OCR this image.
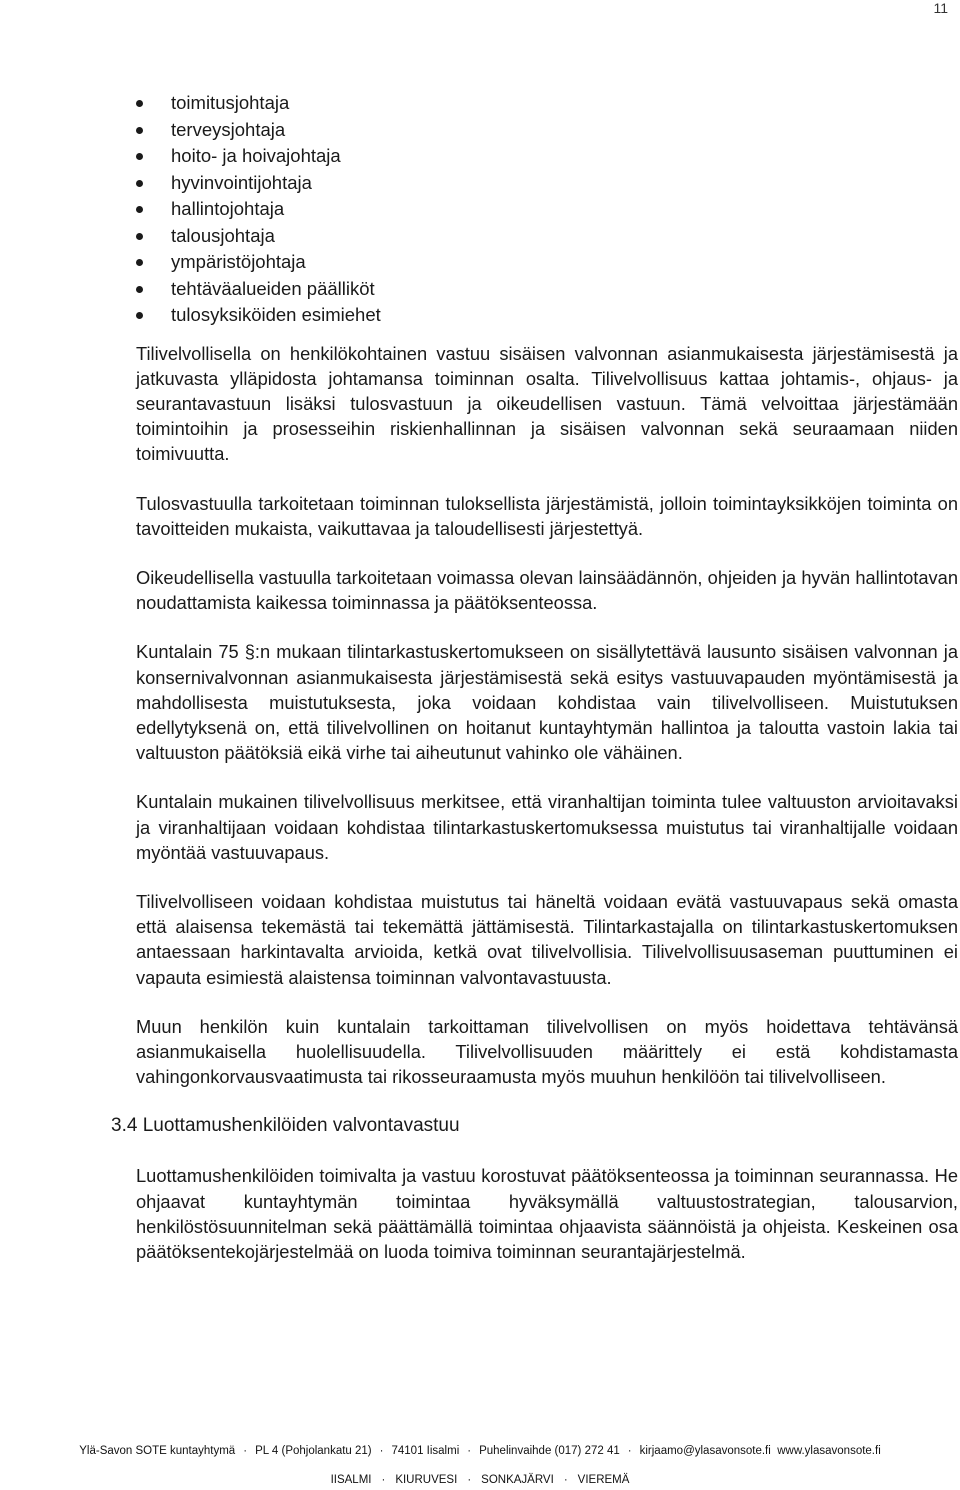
11
toimitusjohtaja
terveysjohtaja
hoito- ja hoivajohtaja
hyvinvointijohtaja
hallintojohtaja
talousjohtaja
ympäristöjohtaja
tehtäväalueiden päälliköt
tulosyksiköiden esimiehet

Tilivelvollisella on henkilökohtainen vastuu sisäisen valvonnan asianmukaisesta järjestämisestä ja jatkuvasta ylläpidosta johtamansa toiminnan osalta. Tilivelvollisuus kattaa johtamis-, ohjaus- ja seurantavastuun lisäksi tulosvastuun ja oikeudellisen vastuun. Tämä velvoittaa järjestämään toimintoihin ja prosesseihin riskienhallinnan ja sisäisen valvonnan sekä seuraamaan niiden toimivuutta.

Tulosvastuulla tarkoitetaan toiminnan tuloksellista järjestämistä, jolloin toimintayksikköjen toiminta on tavoitteiden mukaista, vaikuttavaa ja taloudellisesti järjestettyä.

Oikeudellisella vastuulla tarkoitetaan voimassa olevan lainsäädännön, ohjeiden ja hyvän hallintotavan noudattamista kaikessa toiminnassa ja päätöksenteossa.

Kuntalain 75 §:n mukaan tilintarkastuskertomukseen on sisällytettävä lausunto sisäisen valvonnan ja konsernivalvonnan asianmukaisesta järjestämisestä sekä esitys vastuuvapauden myöntämisestä ja mahdollisesta muistutuksesta, joka voidaan kohdistaa vain tilivelvolliseen. Muistutuksen edellytyksenä on, että tilivelvollinen on hoitanut kuntayhtymän hallintoa ja taloutta vastoin lakia tai valtuuston päätöksiä eikä virhe tai aiheutunut vahinko ole vähäinen.

Kuntalain mukainen tilivelvollisuus merkitsee, että viranhaltijan toiminta tulee valtuuston arvioitavaksi ja viranhaltijaan voidaan kohdistaa tilintarkastuskertomuksessa muistutus tai viranhaltijalle voidaan myöntää vastuuvapaus.

Tilivelvolliseen voidaan kohdistaa muistutus tai häneltä voidaan evätä vastuuvapaus sekä omasta että alaisensa tekemästä tai tekemättä jättämisestä. Tilintarkastajalla on tilintarkastuskertomuksen antaessaan harkintavalta arvioida, ketkä ovat tilivelvollisia. Tilivelvollisuusaseman puuttuminen ei vapauta esimiestä alaistensa toiminnan valvontavastuusta.

Muun henkilön kuin kuntalain tarkoittaman tilivelvollisen on myös hoidettava tehtävänsä asianmukaisella huolellisuudella. Tilivelvollisuuden määrittely ei estä kohdistamasta vahingonkorvausvaatimusta tai rikosseuraamusta myös muuhun henkilöön tai tilivelvolliseen.

3.4 Luottamushenkilöiden valvontavastuu

Luottamushenkilöiden toimivalta ja vastuu korostuvat päätöksenteossa ja toiminnan seurannassa. He ohjaavat kuntayhtymän toimintaa hyväksymällä valtuustostrategian, talousarvion, henkilöstösuunnitelman sekä päättämällä toimintaa ohjaavista säännöistä ja ohjeista. Keskeinen osa päätöksentekojärjestelmää on luoda toimiva toiminnan seurantajärjestelmä.

Ylä-Savon SOTE kuntayhtymä · PL 4 (Pohjolankatu 21) · 74101 Iisalmi · Puhelinvaihde (017) 272 41 · kirjaamo@ylasavonsote.fi www.ylasavonsote.fi
IISALMI · KIURUVESI · SONKAJÄRVI · VIEREMÄ
